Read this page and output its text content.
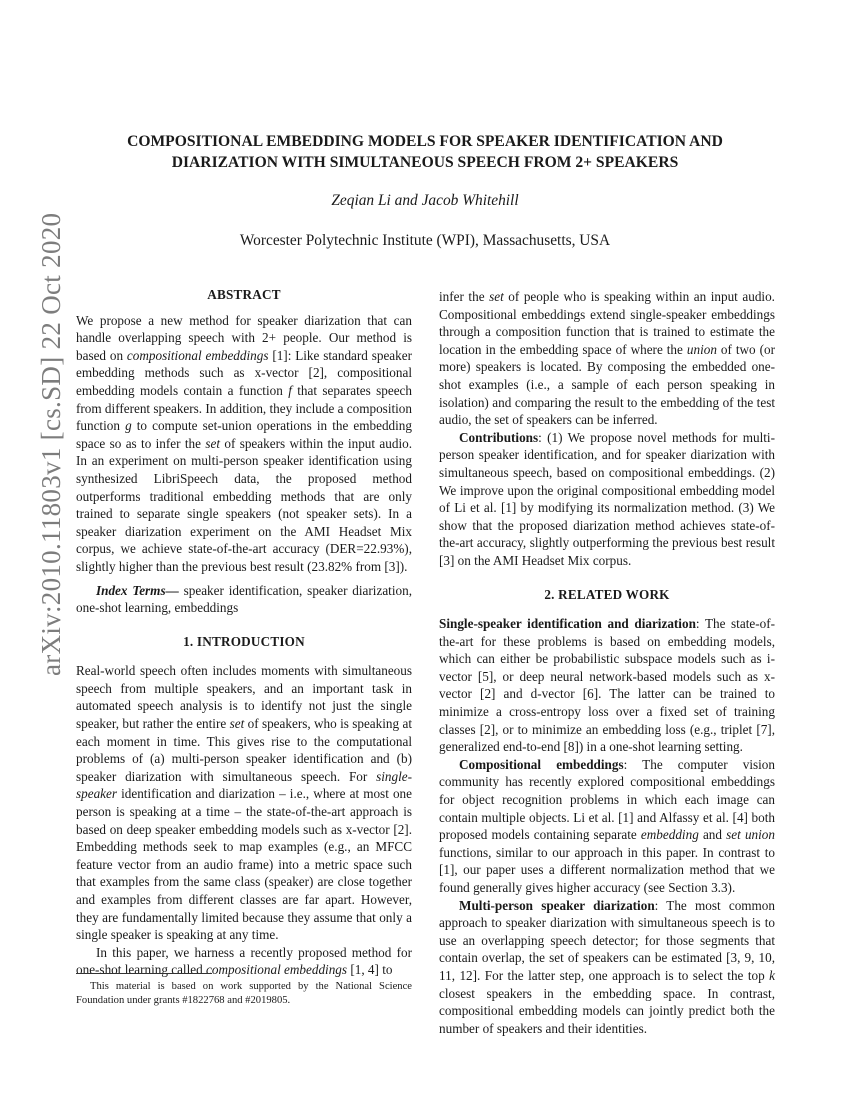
arXiv:2010.11803v1 [cs.SD] 22 Oct 2020
COMPOSITIONAL EMBEDDING MODELS FOR SPEAKER IDENTIFICATION AND
DIARIZATION WITH SIMULTANEOUS SPEECH FROM 2+ SPEAKERS
Zeqian Li and Jacob Whitehill
Worcester Polytechnic Institute (WPI), Massachusetts, USA
ABSTRACT

We propose a new method for speaker diarization that can handle overlapping speech with 2+ people. Our method is based on compositional embeddings [1]: Like standard speaker embedding methods such as x-vector [2], compositional embedding models contain a function f that separates speech from different speakers. In addition, they include a composition function g to compute set-union operations in the embedding space so as to infer the set of speakers within the input audio. In an experiment on multi-person speaker identification using synthesized LibriSpeech data, the proposed method outperforms traditional embedding methods that are only trained to separate single speakers (not speaker sets). In a speaker diarization experiment on the AMI Headset Mix corpus, we achieve state-of-the-art accuracy (DER=22.93%), slightly higher than the previous best result (23.82% from [3]).

Index Terms— speaker identification, speaker diarization, one-shot learning, embeddings

1. INTRODUCTION

Real-world speech often includes moments with simultaneous speech from multiple speakers, and an important task in automated speech analysis is to identify not just the single speaker, but rather the entire set of speakers, who is speaking at each moment in time. This gives rise to the computational problems of (a) multi-person speaker identification and (b) speaker diarization with simultaneous speech. For single-speaker identification and diarization – i.e., where at most one person is speaking at a time – the state-of-the-art approach is based on deep speaker embedding models such as x-vector [2]. Embedding methods seek to map examples (e.g., an MFCC feature vector from an audio frame) into a metric space such that examples from the same class (speaker) are close together and examples from different classes are far apart. However, they are fundamentally limited because they assume that only a single speaker is speaking at any time.

In this paper, we harness a recently proposed method for one-shot learning called compositional embeddings [1, 4] to

This material is based on work supported by the National Science Foundation under grants #1822768 and #2019805.

infer the set of people who is speaking within an input audio. Compositional embeddings extend single-speaker embeddings through a composition function that is trained to estimate the location in the embedding space of where the union of two (or more) speakers is located. By composing the embedded one-shot examples (i.e., a sample of each person speaking in isolation) and comparing the result to the embedding of the test audio, the set of speakers can be inferred.

Contributions: (1) We propose novel methods for multi-person speaker identification, and for speaker diarization with simultaneous speech, based on compositional embeddings. (2) We improve upon the original compositional embedding model of Li et al. [1] by modifying its normalization method. (3) We show that the proposed diarization method achieves state-of-the-art accuracy, slightly outperforming the previous best result [3] on the AMI Headset Mix corpus.

2. RELATED WORK

Single-speaker identification and diarization: The state-of-the-art for these problems is based on embedding models, which can either be probabilistic subspace models such as i-vector [5], or deep neural network-based models such as x-vector [2] and d-vector [6]. The latter can be trained to minimize a cross-entropy loss over a fixed set of training classes [2], or to minimize an embedding loss (e.g., triplet [7], generalized end-to-end [8]) in a one-shot learning setting.

Compositional embeddings: The computer vision community has recently explored compositional embeddings for object recognition problems in which each image can contain multiple objects. Li et al. [1] and Alfassy et al. [4] both proposed models containing separate embedding and set union functions, similar to our approach in this paper. In contrast to [1], our paper uses a different normalization method that we found generally gives higher accuracy (see Section 3.3).

Multi-person speaker diarization: The most common approach to speaker diarization with simultaneous speech is to use an overlapping speech detector; for those segments that contain overlap, the set of speakers can be estimated [3, 9, 10, 11, 12]. For the latter step, one approach is to select the top k closest speakers in the embedding space. In contrast, compositional embedding models can jointly predict both the number of speakers and their identities.
